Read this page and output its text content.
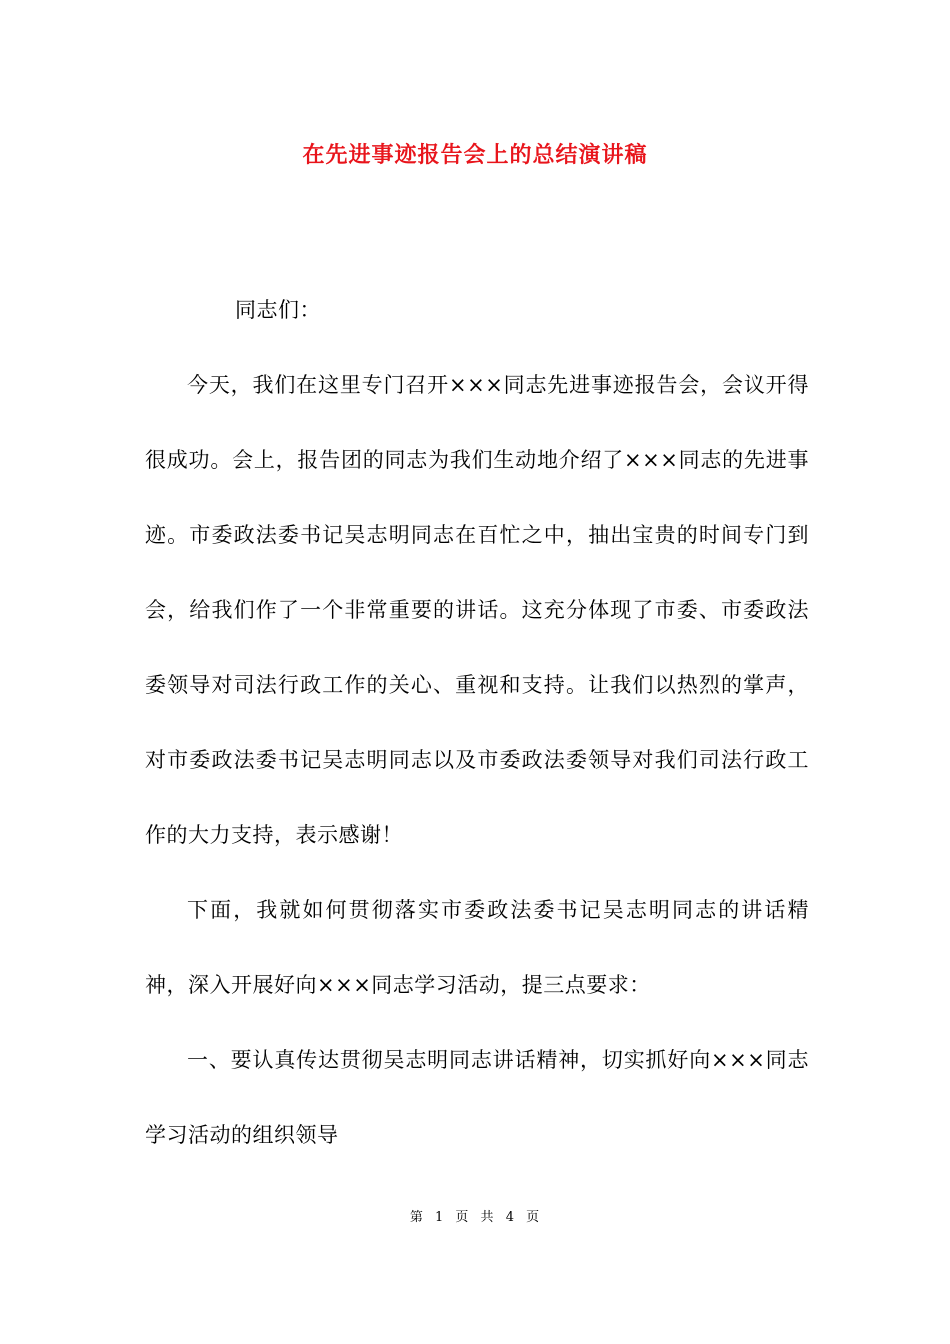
在先进事迹报告会上的总结演讲稿

同志们：

今天，我们在这里专门召开×××同志先进事迹报告会，会议开得很成功。会上，报告团的同志为我们生动地介绍了×××同志的先进事迹。市委政法委书记吴志明同志在百忙之中，抽出宝贵的时间专门到会，给我们作了一个非常重要的讲话。这充分体现了市委、市委政法委领导对司法行政工作的关心、重视和支持。让我们以热烈的掌声，对市委政法委书记吴志明同志以及市委政法委领导对我们司法行政工作的大力支持，表示感谢！

下面，我就如何贯彻落实市委政法委书记吴志明同志的讲话精神，深入开展好向×××同志学习活动，提三点要求：

一、要认真传达贯彻吴志明同志讲话精神，切实抓好向×××同志学习活动的组织领导

第 1 页 共 4 页
